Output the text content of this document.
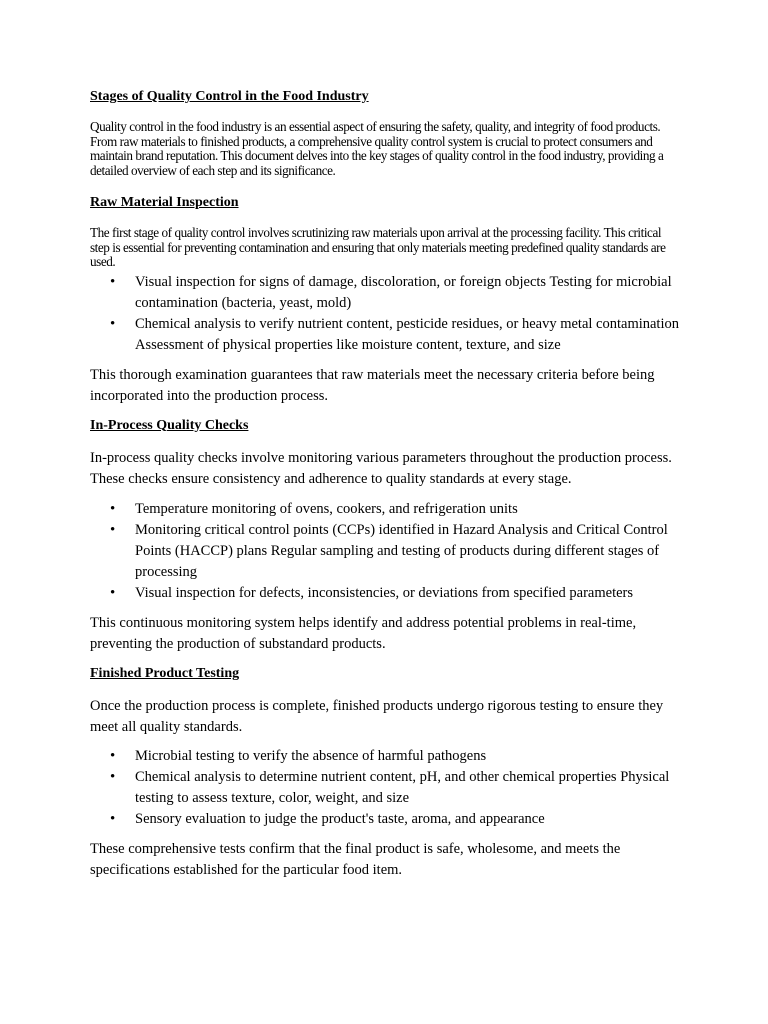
Stages of Quality Control in the Food Industry

Quality control in the food industry is an essential aspect of ensuring the safety, quality, and integrity of food products. From raw materials to finished products, a comprehensive quality control system is crucial to protect consumers and maintain brand reputation. This document delves into the key stages of quality control in the food industry, providing a detailed overview of each step and its significance.

Raw Material Inspection

The first stage of quality control involves scrutinizing raw materials upon arrival at the processing facility. This critical step is essential for preventing contamination and ensuring that only materials meeting predefined quality standards are used.

• Visual inspection for signs of damage, discoloration, or foreign objects Testing for microbial contamination (bacteria, yeast, mold)
• Chemical analysis to verify nutrient content, pesticide residues, or heavy metal contamination Assessment of physical properties like moisture content, texture, and size

This thorough examination guarantees that raw materials meet the necessary criteria before being incorporated into the production process.

In-Process Quality Checks

In-process quality checks involve monitoring various parameters throughout the production process. These checks ensure consistency and adherence to quality standards at every stage.

• Temperature monitoring of ovens, cookers, and refrigeration units
• Monitoring critical control points (CCPs) identified in Hazard Analysis and Critical Control Points (HACCP) plans Regular sampling and testing of products during different stages of processing
• Visual inspection for defects, inconsistencies, or deviations from specified parameters

This continuous monitoring system helps identify and address potential problems in real-time, preventing the production of substandard products.

Finished Product Testing

Once the production process is complete, finished products undergo rigorous testing to ensure they meet all quality standards.

• Microbial testing to verify the absence of harmful pathogens
• Chemical analysis to determine nutrient content, pH, and other chemical properties Physical testing to assess texture, color, weight, and size
• Sensory evaluation to judge the product's taste, aroma, and appearance

These comprehensive tests confirm that the final product is safe, wholesome, and meets the specifications established for the particular food item.
